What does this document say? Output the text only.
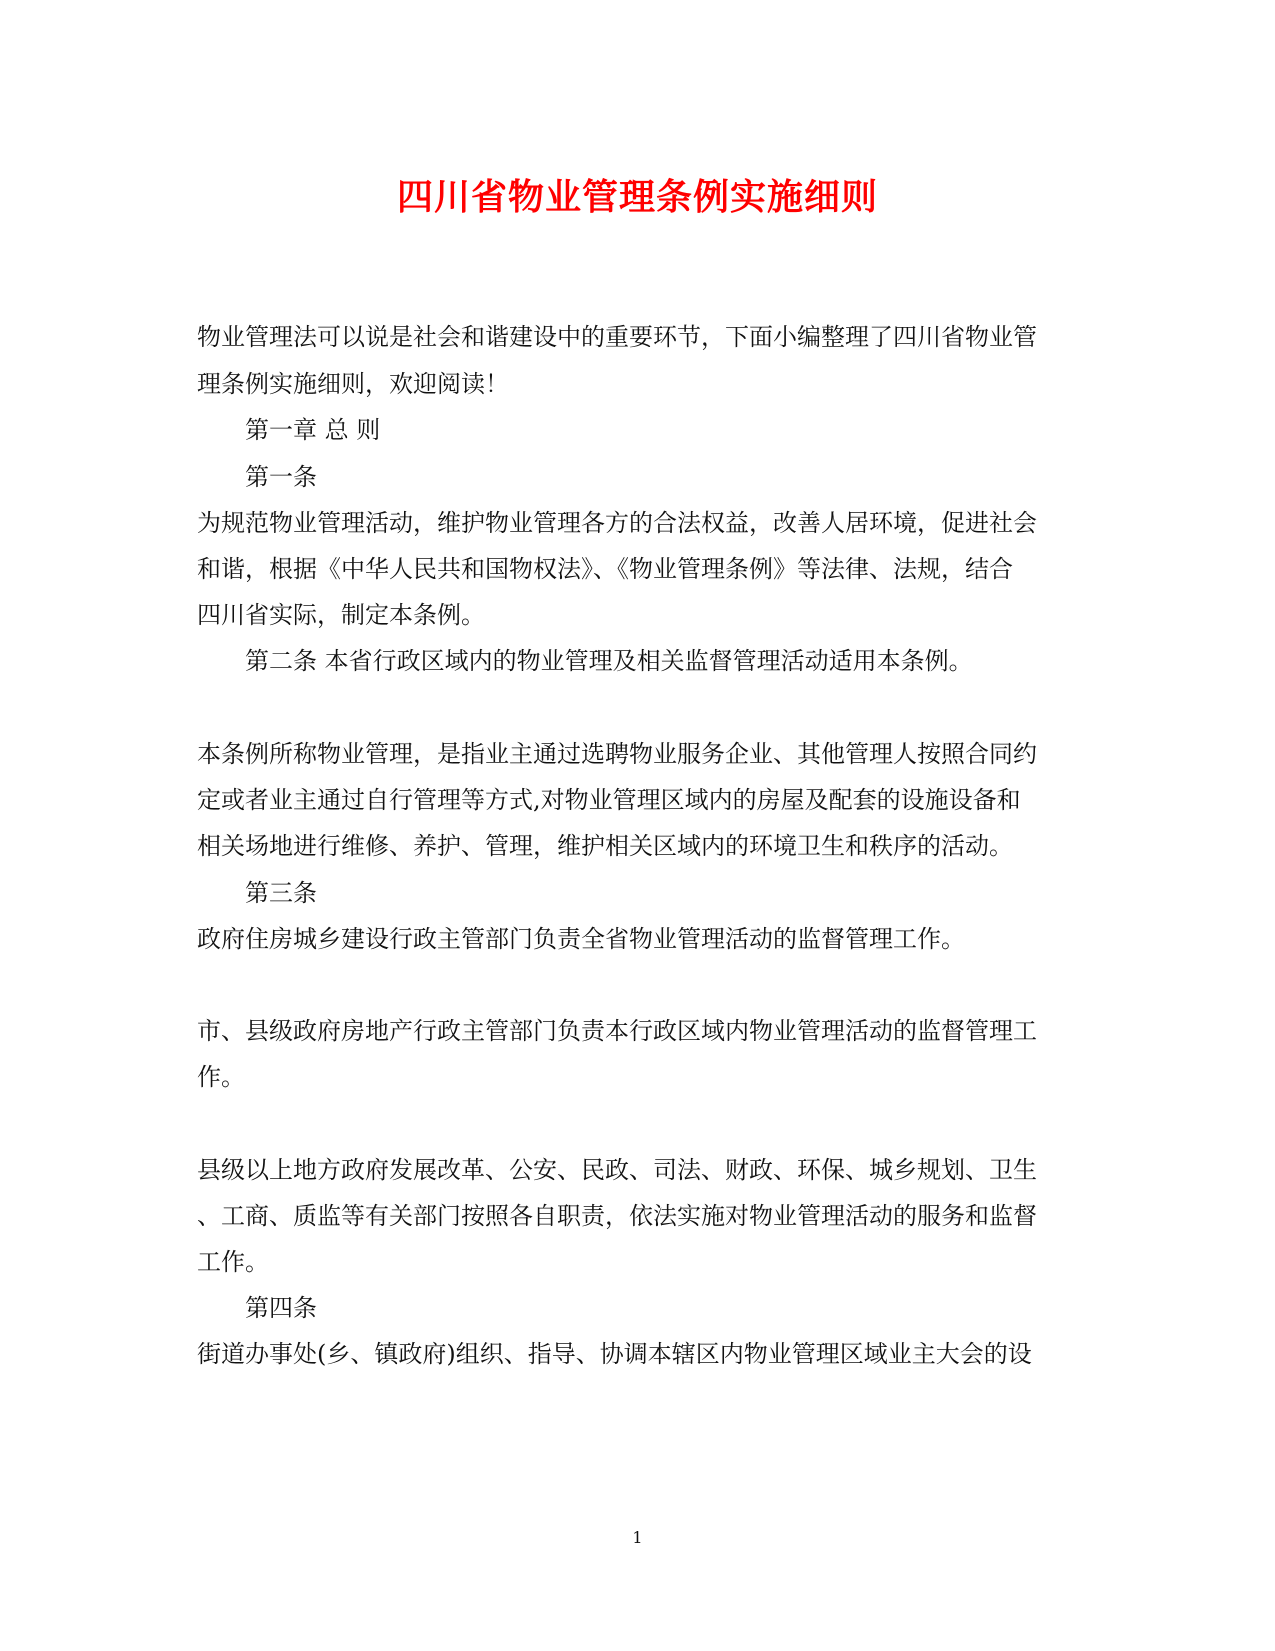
四川省物业管理条例实施细则
物业管理法可以说是社会和谐建设中的重要环节，下面小编整理了四川省物业管
理条例实施细则，欢迎阅读！
第一章 总 则
第一条
为规范物业管理活动，维护物业管理各方的合法权益，改善人居环境，促进社会
和谐，根据《中华人民共和国物权法》、《物业管理条例》等法律、法规，结合
四川省实际，制定本条例。
第二条 本省行政区域内的物业管理及相关监督管理活动适用本条例。
本条例所称物业管理，是指业主通过选聘物业服务企业、其他管理人按照合同约
定或者业主通过自行管理等方式,对物业管理区域内的房屋及配套的设施设备和
相关场地进行维修、养护、管理，维护相关区域内的环境卫生和秩序的活动。
第三条
政府住房城乡建设行政主管部门负责全省物业管理活动的监督管理工作。
市、县级政府房地产行政主管部门负责本行政区域内物业管理活动的监督管理工
作。
县级以上地方政府发展改革、公安、民政、司法、财政、环保、城乡规划、卫生
、工商、质监等有关部门按照各自职责，依法实施对物业管理活动的服务和监督
工作。
第四条
街道办事处(乡、镇政府)组织、指导、协调本辖区内物业管理区域业主大会的设
1
